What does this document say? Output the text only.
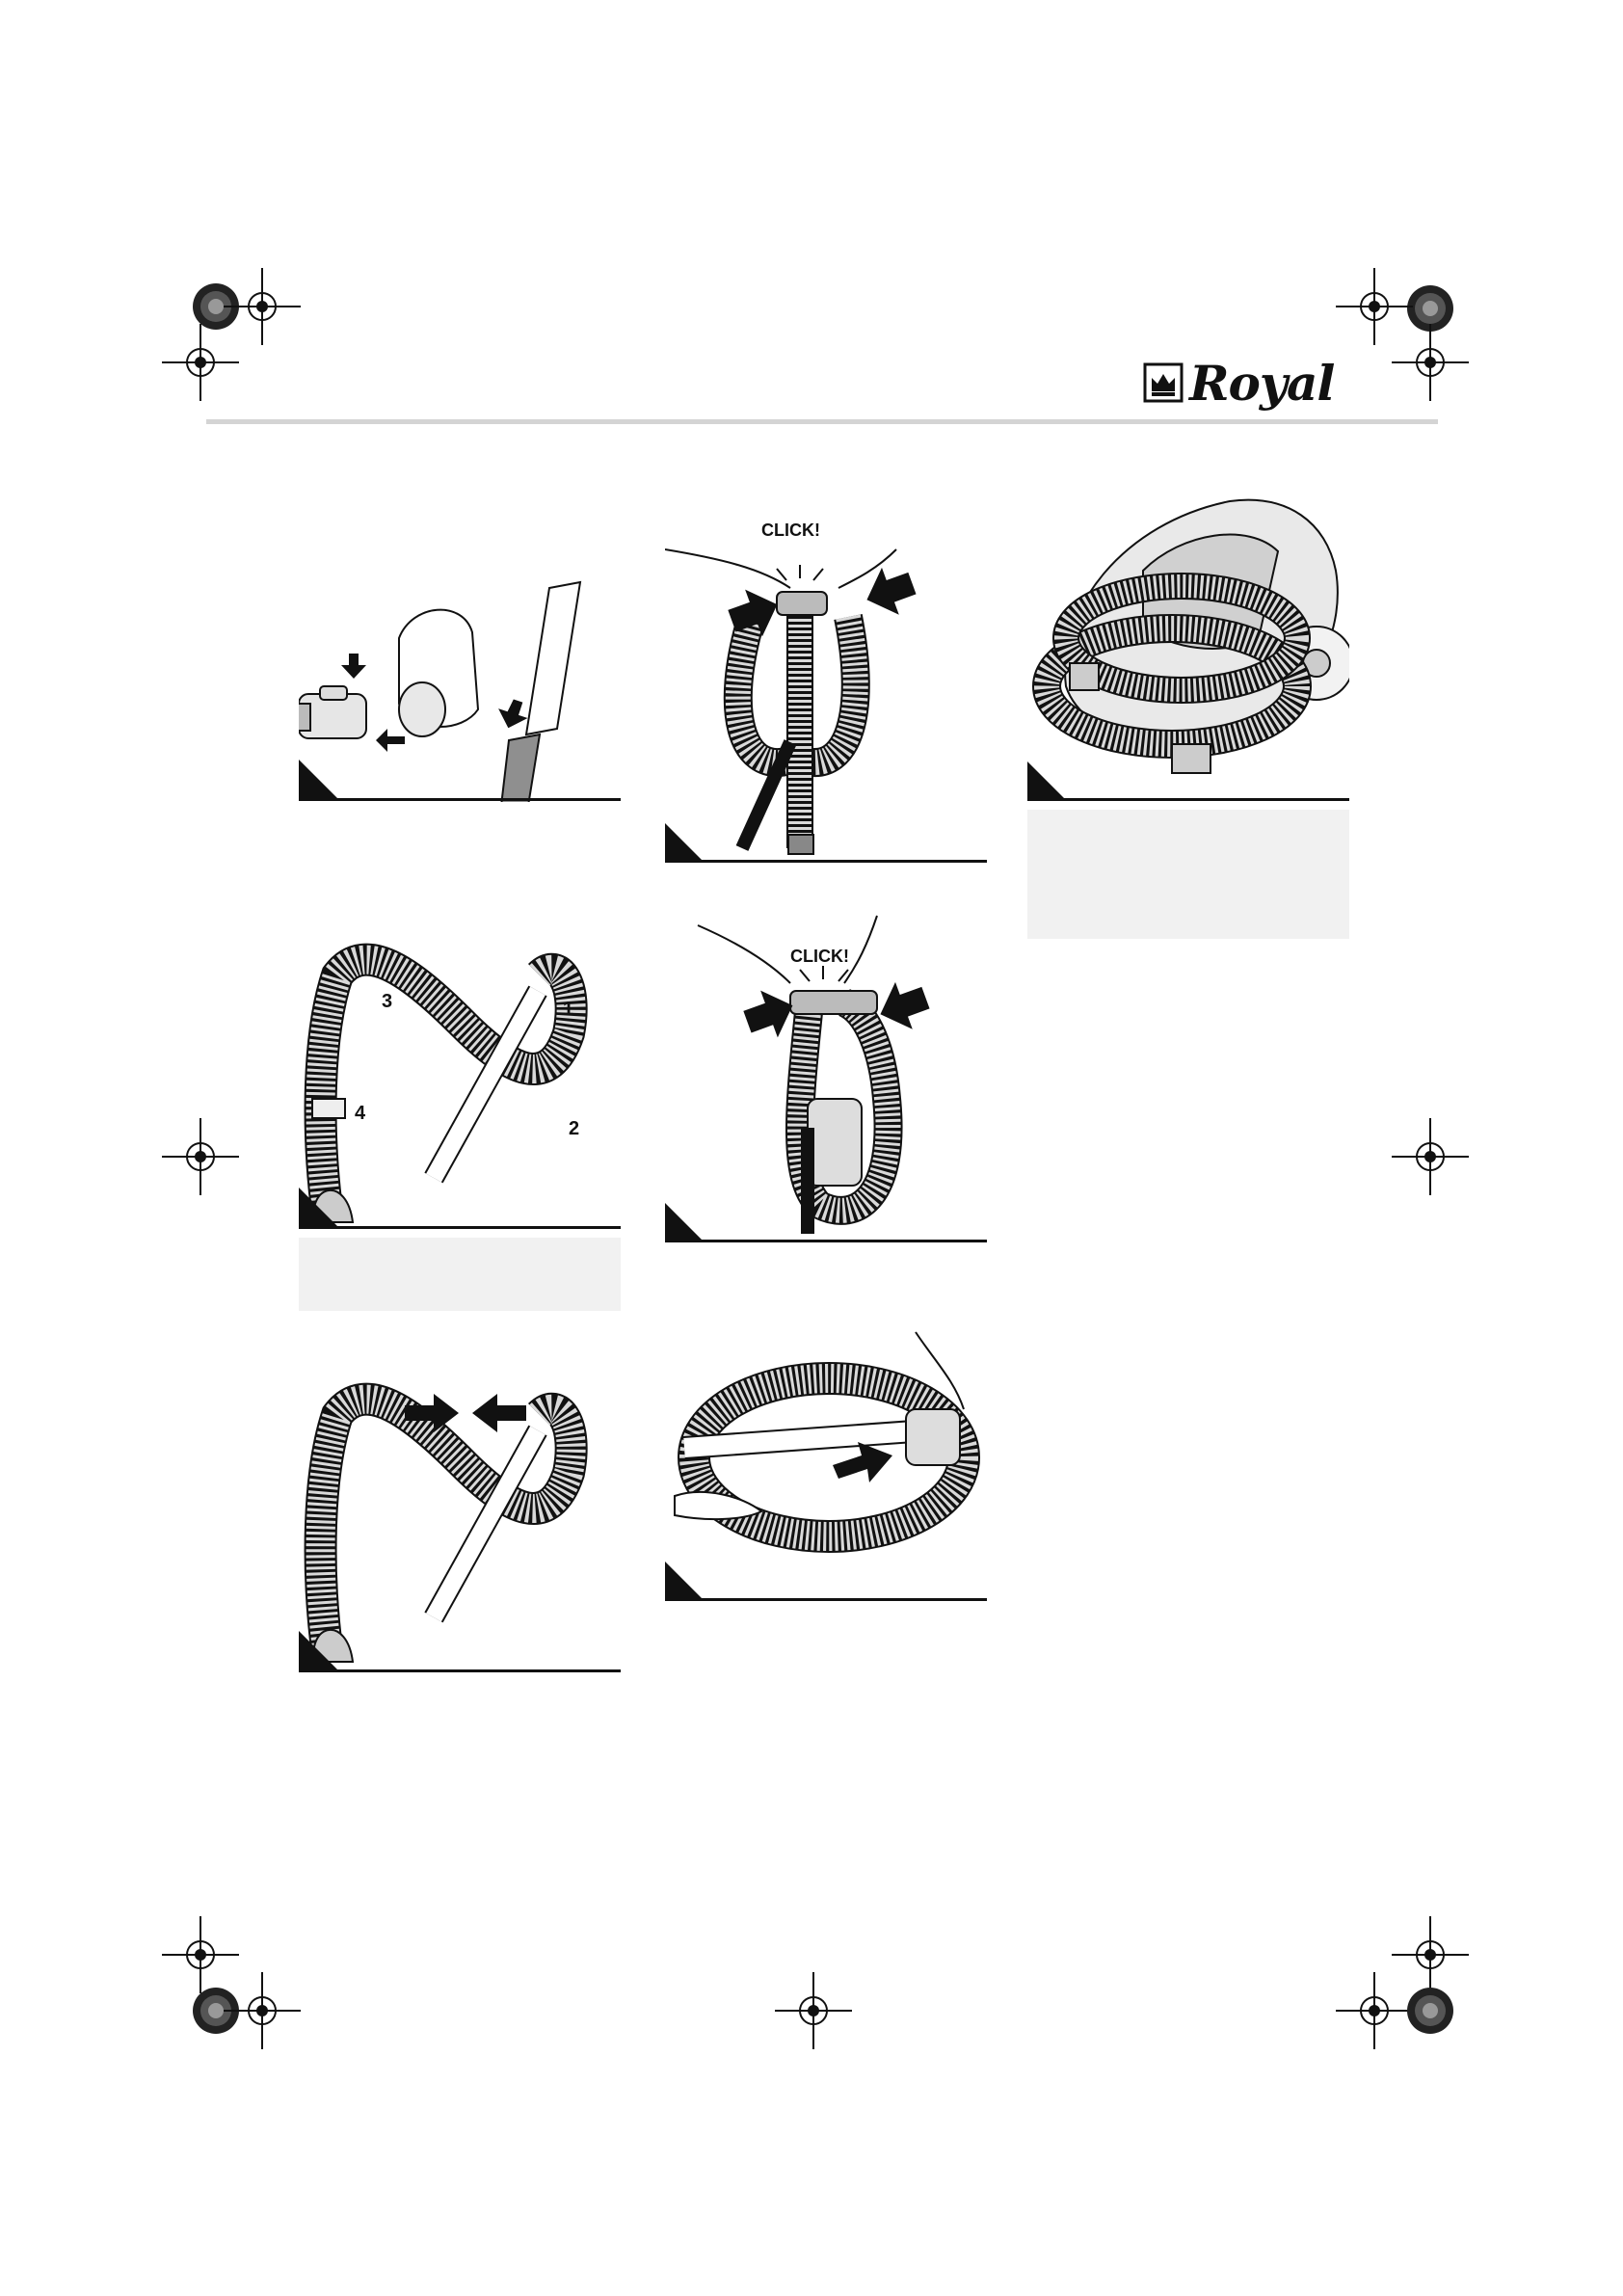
Royal
1
2
3
4
CLICK!
CLICK!
